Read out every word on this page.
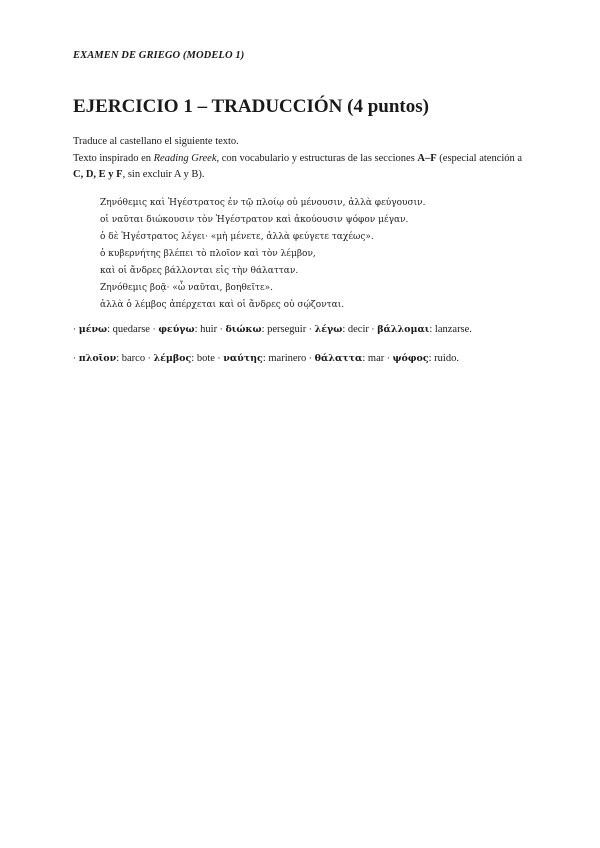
EXAMEN DE GRIEGO (MODELO 1)
EJERCICIO 1 – TRADUCCIÓN (4 puntos)

Traduce al castellano el siguiente texto.

Texto inspirado en Reading Greek, con vocabulario y estructuras de las secciones A–F (especial atención a

C, D, E y F, sin excluir A y B).

Ζηνόθεμις καὶ Ἡγέστρατος ἐν τῷ πλοίῳ οὐ μένουσιν, ἀλλὰ φεύγουσιν.
οἱ ναῦται διώκουσιν τὸν Ἡγέστρατον καὶ ἀκούουσιν ψόφον μέγαν.
ὁ δὲ Ἡγέστρατος λέγει· «μὴ μένετε, ἀλλὰ φεύγετε ταχέως».
ὁ κυβερνήτης βλέπει τὸ πλοῖον καὶ τὸν λέμβον,
καὶ οἱ ἄνδρες βάλλονται εἰς τὴν θάλατταν.
Ζηνόθεμις βοᾷ· «ὦ ναῦται, βοηθεῖτε».
ἀλλὰ ὁ λέμβος ἀπέρχεται καὶ οἱ ἄνδρες οὐ σῴζονται.
· μένω: quedarse · φεύγω: huir · διώκω: perseguir · λέγω: decir · βάλλομαι: lanzarse.
· πλοῖον: barco · λέμβος: bote · ναύτης: marinero · θάλαττα: mar · ψόφος: ruido.
